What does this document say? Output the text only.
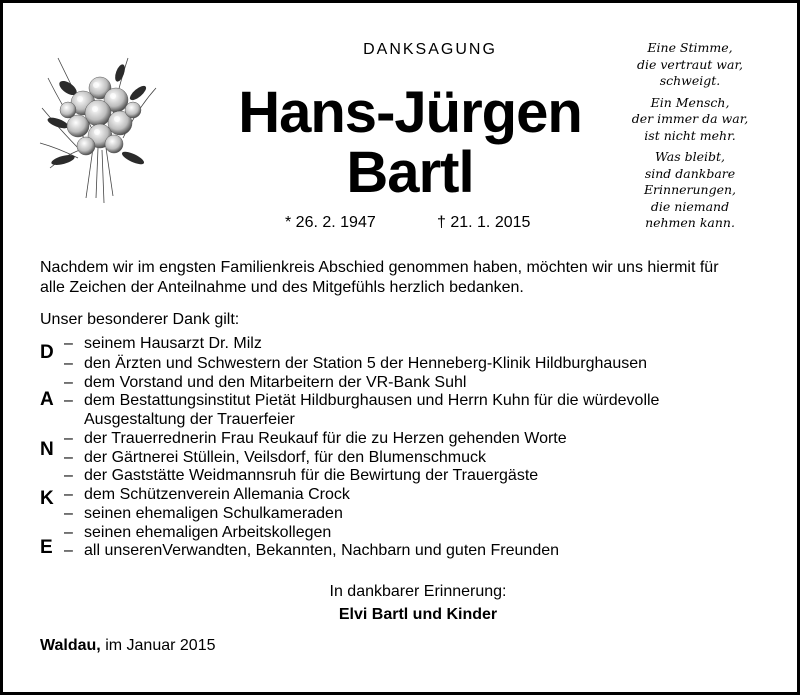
DANKSAGUNG
Hans-Jürgen
Bartl
* 26. 2. 1947	† 21. 1. 2015
Eine Stimme,
die vertraut war,
schweigt.
Ein Mensch,
der immer da war,
ist nicht mehr.
Was bleibt,
sind dankbare
Erinnerungen,
die niemand
nehmen kann.
Nachdem wir im engsten Familienkreis Abschied genommen haben, möchten wir uns hiermit für
alle Zeichen der Anteilnahme und des Mitgefühls herzlich bedanken.
Unser besonderer Dank gilt:
D
A
N
K
E
– seinem Hausarzt Dr. Milz
– den Ärzten und Schwestern der Station 5 der Henneberg-Klinik Hildburghausen
– dem Vorstand und den Mitarbeitern der VR-Bank Suhl
– dem Bestattungsinstitut Pietät Hildburghausen und Herrn Kuhn für die würdevolle
Ausgestaltung der Trauerfeier
– der Trauerrednerin Frau Reukauf für die zu Herzen gehenden Worte
– der Gärtnerei Stüllein, Veilsdorf, für den Blumenschmuck
– der Gaststätte Weidmannsruh für die Bewirtung der Trauergäste
– dem Schützenverein Allemania Crock
– seinen ehemaligen Schulkameraden
– seinen ehemaligen Arbeitskollegen
– all unserenVerwandten, Bekannten, Nachbarn und guten Freunden
In dankbarer Erinnerung:
Elvi Bartl und Kinder
Waldau, im Januar 2015
